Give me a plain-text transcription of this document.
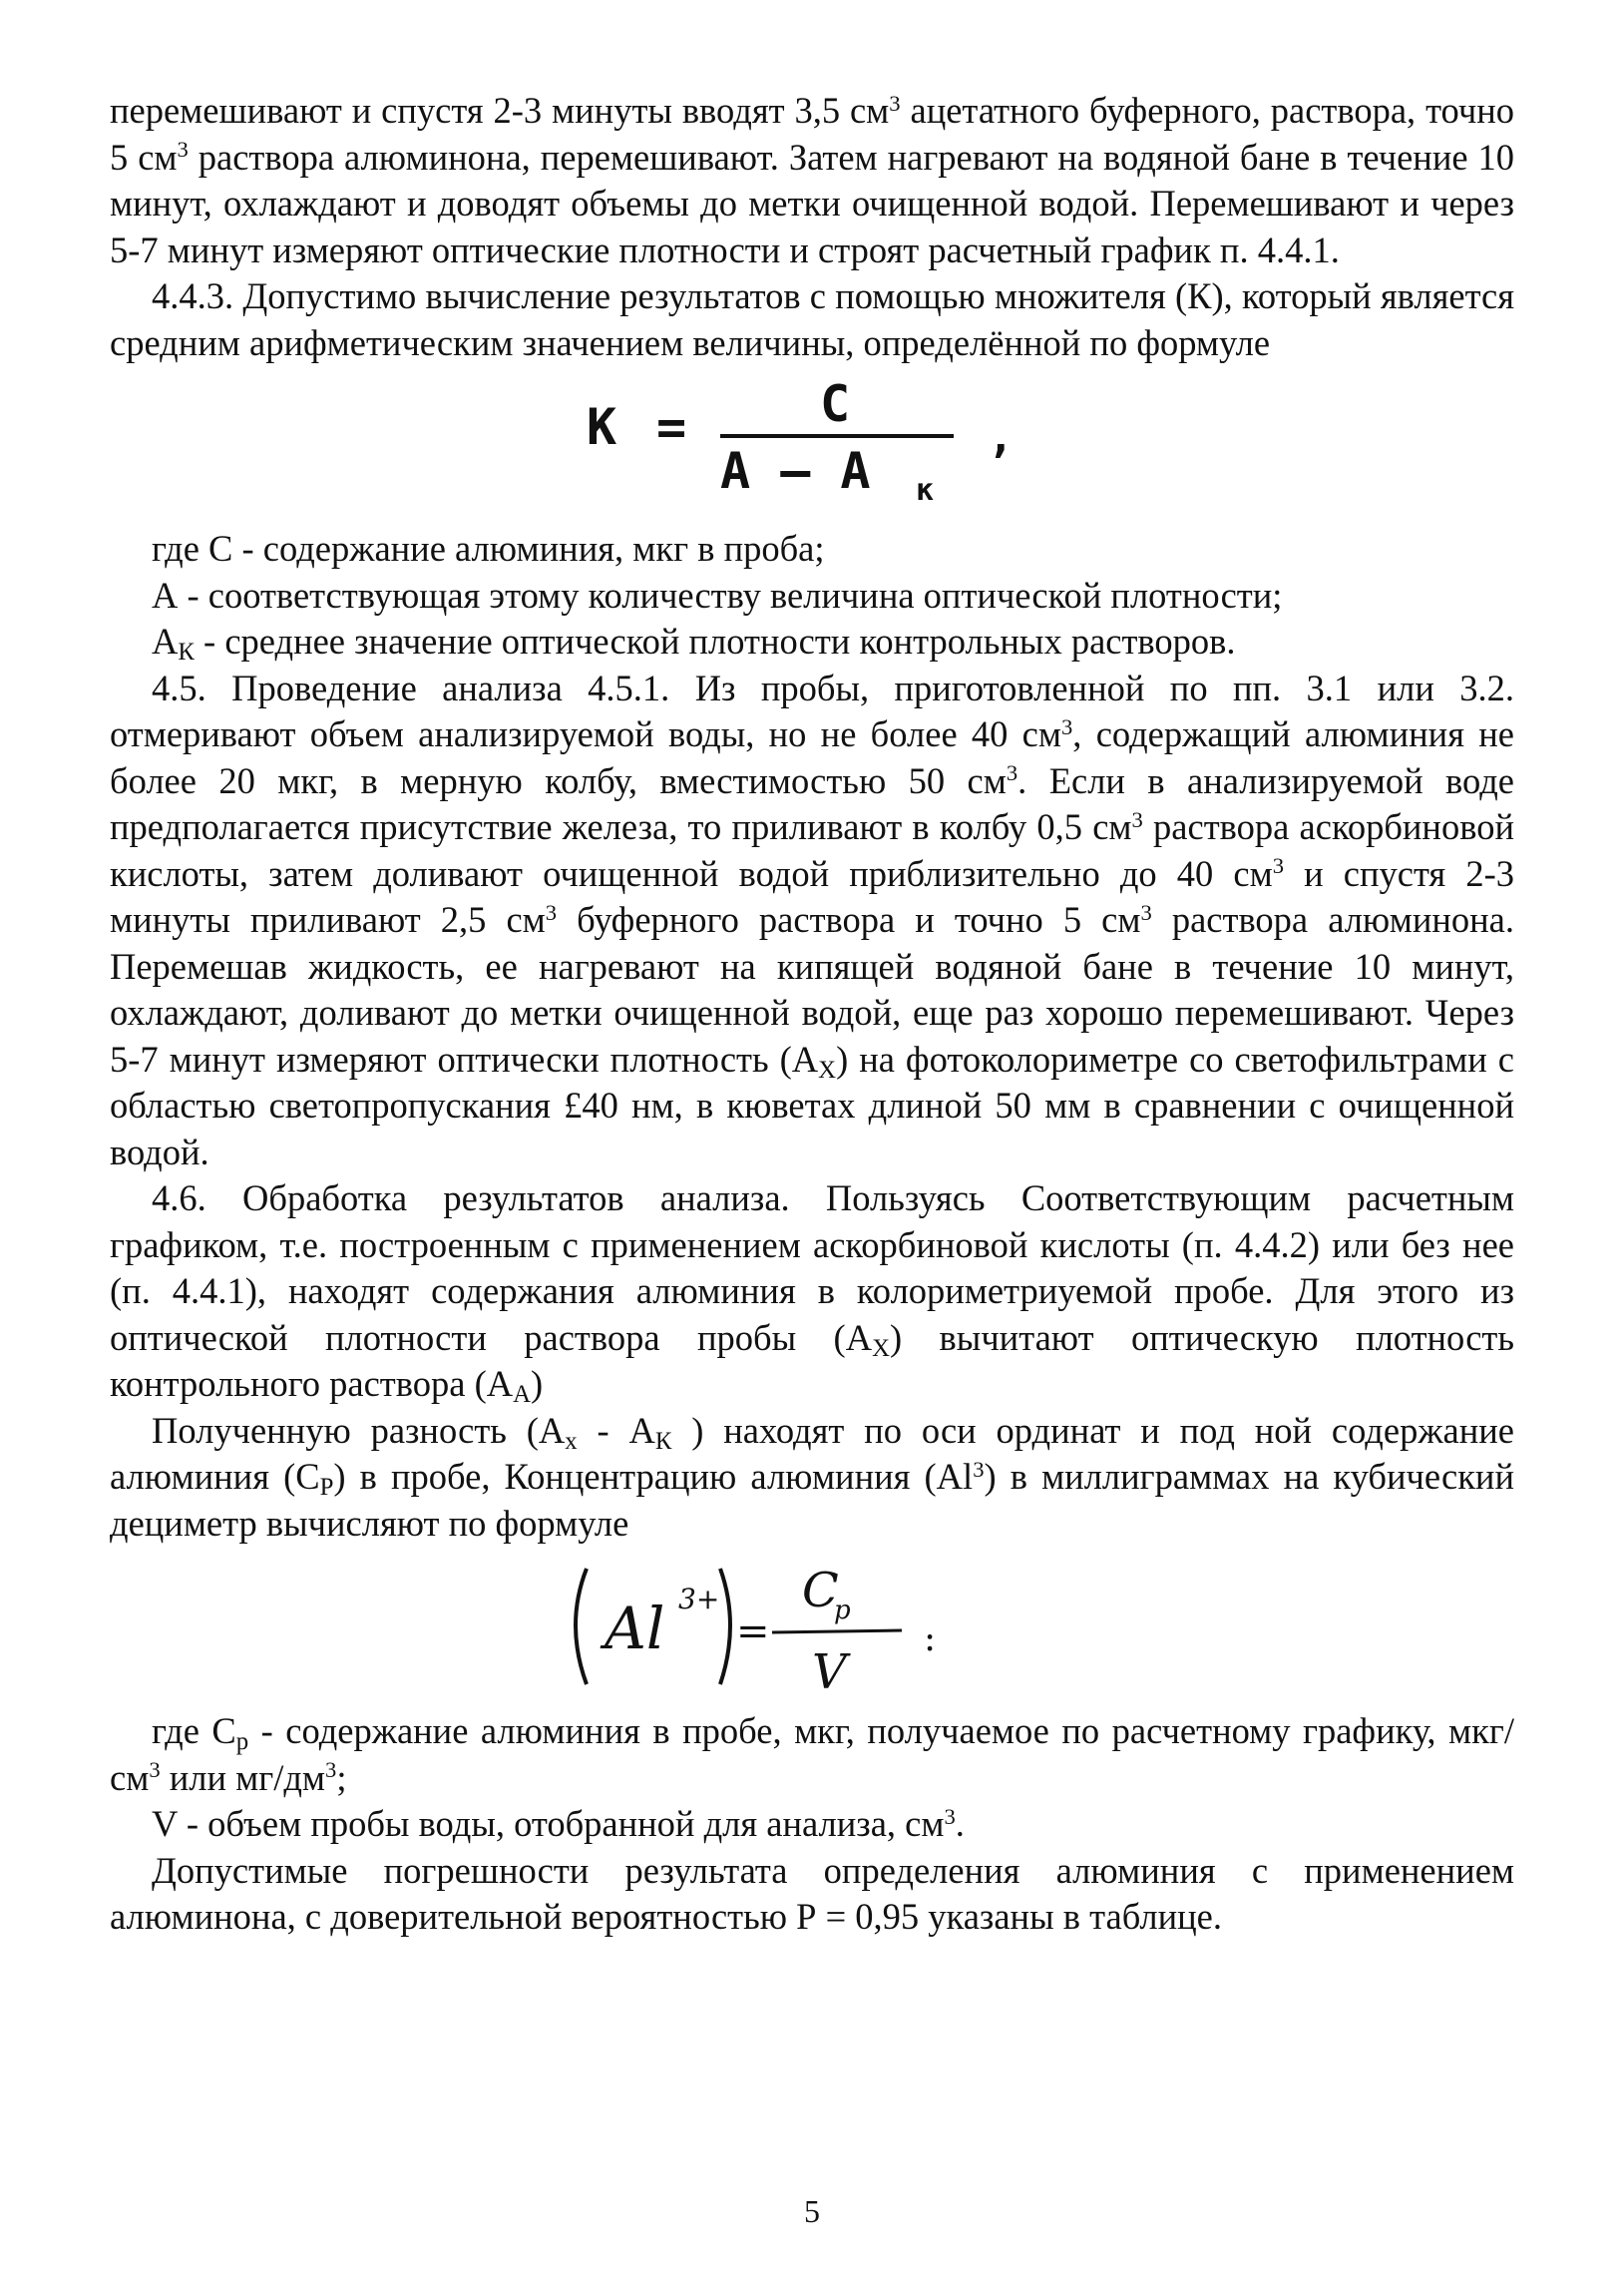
перемешивают и спустя 2-3 минуты вводят 3,5 $см^3$ ацетатного буферного, раствора, точно 5 $см^3$ раствора алюминона, перемешивают. Затем нагревают на водяной бане в течение 10 минут, охлаждают и доводят объемы до метки очищенной водой. Перемешивают и через 5-7 минут измеряют оптические плотности и строят расчетный график п. 4.4.1.

4.4.3. Допустимо вычисление результатов с помощью множителя (К), который является средним арифметическим значением величины, определённой по формуле

К =	С
А – А к
,

где С - содержание алюминия, мкг в проба;

А - соответствующая этому количеству величина оптической плотности;

$А_К$ - среднее значение оптической плотности контрольных растворов.

4.5. Проведение анализа 4.5.1. Из пробы, приготовленной по пп. 3.1 или 3.2. отмеривают объем анализируемой воды, но не более 40 $см^3$, содержащий алюминия не более 20 мкг, в мерную колбу, вместимостью 50 $см^3$. Если в анализируемой воде предполагается присутствие железа, то приливают в колбу 0,5 $см^3$ раствора аскорбиновой кислоты, затем доливают очищенной водой приблизительно до 40 $см^3$ и спустя 2-3 минуты приливают 2,5 $см^3$ буферного раствора и точно 5 $см^3$ раствора алюминона. Перемешав жидкость, ее нагревают на кипящей водяной бане в течение 10 минут, охлаждают, доливают до метки очищенной водой, еще раз хорошо перемешивают. Через 5-7 минут измеряют оптически плотность $(А_Х)$ на фотоколориметре со светофильтрами с областью светопропускания £40 нм, в кюветах длиной 50 мм в сравнении с очищенной водой.

4.6. Обработка результатов анализа. Пользуясь Соответствующим расчетным графиком, т.е. построенным с применением аскорбиновой кислоты (п. 4.4.2) или без нее (п. 4.4.1), находят содержания алюминия в колориметриуемой пробе. Для этого из оптической плотности раствора пробы $(А_Х)$ вычитают оптическую плотность контрольного раствора $(А_А)$

Полученную разность ($А_х - А_К$ ) находят по оси ординат и под ной содержание алюминия $(С_Р)$ в пробе, Концентрацию алюминия (Al$^3$) в миллиграммах на кубический дециметр вычисляют по формуле

Al 3+
=
С
р
V
:

где $С_р$ - содержание алюминия в пробе, мкг, получаемое по расчетному графику, мкг/$см^3$ или $мг/дм^3$;

V - объем пробы воды, отобранной для анализа, $см^3$.

Допустимые погрешности результата определения алюминия с применением алюминона, с доверительной вероятностью Р = 0,95 указаны в таблице.

5
